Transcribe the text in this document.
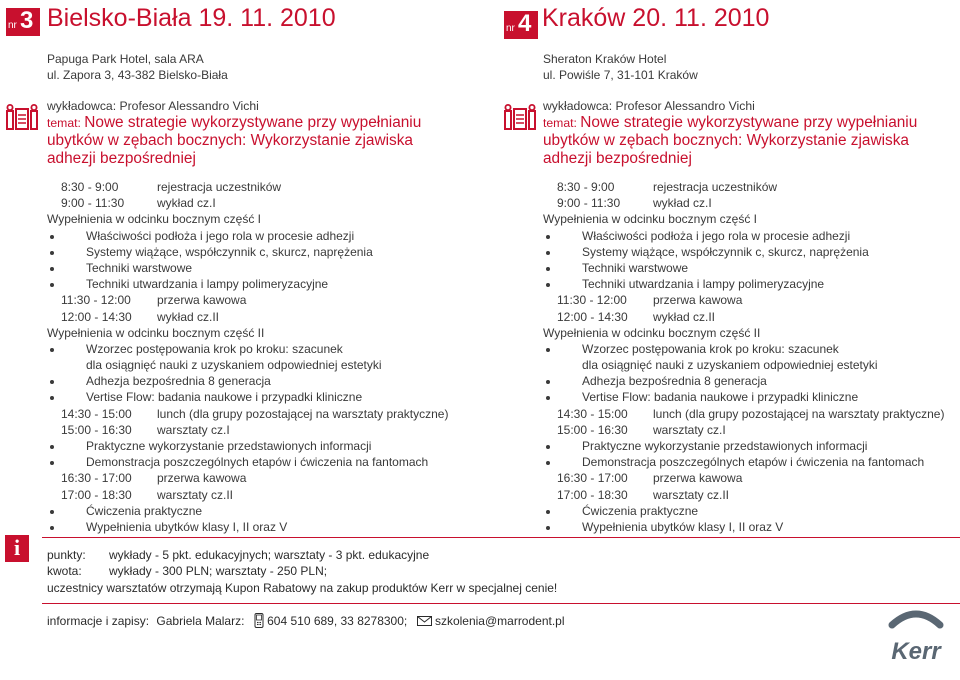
nr 3 Bielsko-Biała 19. 11. 2010
Papuga Park Hotel, sala ARA
ul. Zapora 3, 43-382 Bielsko-Biała
wykładowca: Profesor Alessandro Vichi
temat: Nowe strategie wykorzystywane przy wypełnianiu ubytków w zębach bocznych: Wykorzystanie zjawiska adhezji bezpośredniej
8:30 - 9:00	rejestracja uczestników
9:00 - 11:30	wykład cz.I
Wypełnienia w odcinku bocznym część I
Właściwości podłoża i jego rola w procesie adhezji
Systemy wiążące, współczynnik c, skurcz, naprężenia
Techniki warstwowe
Techniki utwardzania i lampy polimeryzacyjne
11:30 - 12:00 przerwa kawowa
12:00 - 14:30 wykład cz.II
Wypełnienia w odcinku bocznym część II
Wzorzec postępowania krok po kroku: szacunek
dla osiągnięć nauki z uzyskaniem odpowiedniej estetyki
Adhezja bezpośrednia 8 generacja
Vertise Flow: badania naukowe i przypadki kliniczne
14:30 - 15:00 lunch (dla grupy pozostającej na warsztaty praktyczne)
15:00 - 16:30 warsztaty cz.I
Praktyczne wykorzystanie przedstawionych informacji
Demonstracja poszczególnych etapów i ćwiczenia na fantomach
16:30 - 17:00 przerwa kawowa
17:00 - 18:30 warsztaty cz.II
Ćwiczenia praktyczne
Wypełnienia ubytków klasy I, II oraz V
nr 4 Kraków 20. 11. 2010
Sheraton Kraków Hotel
ul. Powiśle 7, 31-101 Kraków
wykładowca: Profesor Alessandro Vichi
temat: Nowe strategie wykorzystywane przy wypełnianiu ubytków w zębach bocznych: Wykorzystanie zjawiska adhezji bezpośredniej
8:30 - 9:00	rejestracja uczestników
9:00 - 11:30	wykład cz.I
Wypełnienia w odcinku bocznym część I
Właściwości podłoża i jego rola w procesie adhezji
Systemy wiążące, współczynnik c, skurcz, naprężenia
Techniki warstwowe
Techniki utwardzania i lampy polimeryzacyjne
11:30 - 12:00 przerwa kawowa
12:00 - 14:30 wykład cz.II
Wypełnienia w odcinku bocznym część II
Wzorzec postępowania krok po kroku: szacunek
dla osiągnięć nauki z uzyskaniem odpowiedniej estetyki
Adhezja bezpośrednia 8 generacja
Vertise Flow: badania naukowe i przypadki kliniczne
14:30 - 15:00 lunch (dla grupy pozostającej na warsztaty praktyczne)
15:00 - 16:30 warsztaty cz.I
Praktyczne wykorzystanie przedstawionych informacji
Demonstracja poszczególnych etapów i ćwiczenia na fantomach
16:30 - 17:00 przerwa kawowa
17:00 - 18:30 warsztaty cz.II
Ćwiczenia praktyczne
Wypełnienia ubytków klasy I, II oraz V
i	punkty: wykłady - 5 pkt. edukacyjnych; warsztaty - 3 pkt. edukacyjne
kwota: wykłady - 300 PLN; warsztaty - 250 PLN;
uczestnicy warsztatów otrzymają Kupon Rabatowy na zakup produktów Kerr w specjalnej cenie!
informacje i zapisy: Gabriela Malarz: 604 510 689, 33 8278300; szkolenia@marrodent.pl
Kerr
